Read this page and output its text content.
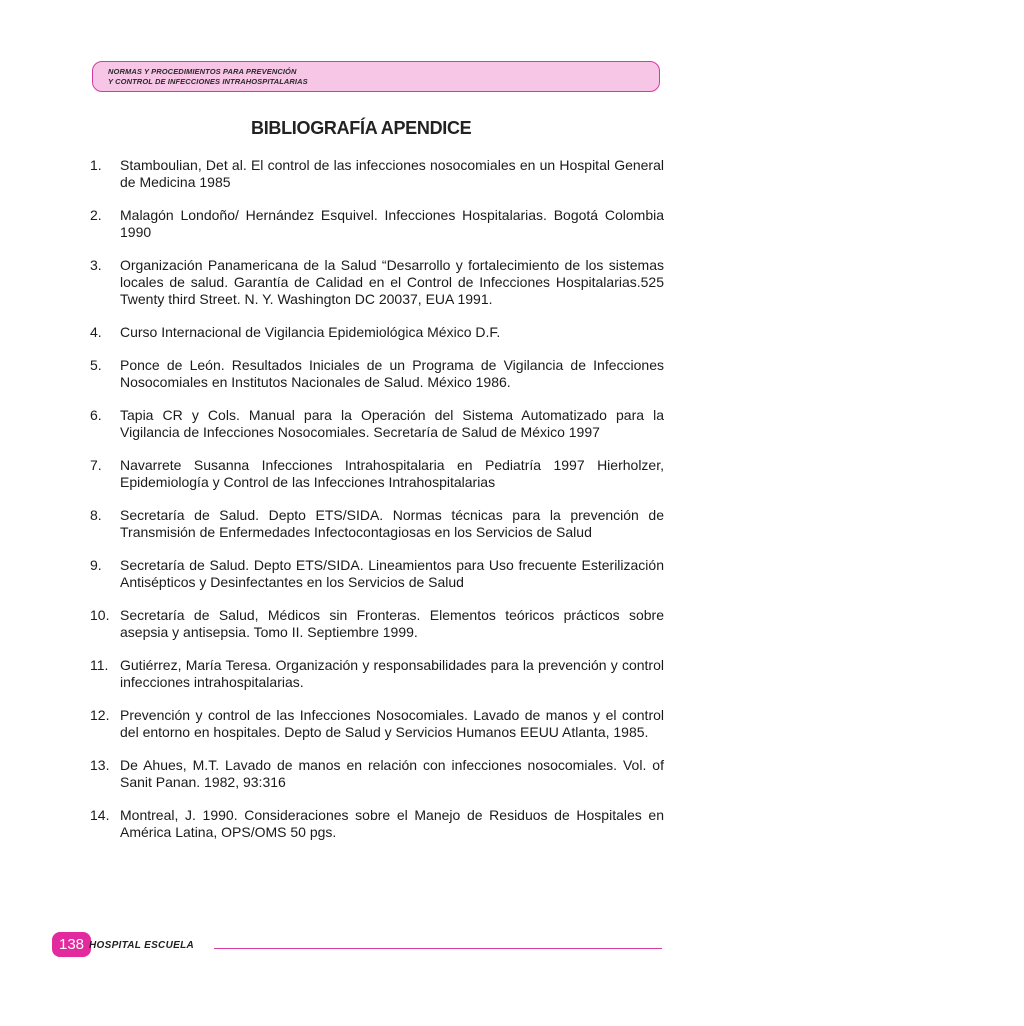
NORMAS Y PROCEDIMIENTOS PARA PREVENCIÓN
Y CONTROL DE INFECCIONES INTRAHOSPITALARIAS
BIBLIOGRAFÍA APENDICE
1. Stamboulian, Det al. El control de las infecciones nosocomiales en un Hospital General de Medicina 1985
2. Malagón Londoño/ Hernández Esquivel. Infecciones Hospitalarias. Bogotá Colombia 1990
3. Organización Panamericana de la Salud “Desarrollo y fortalecimiento de los sistemas locales de salud. Garantía de Calidad en el Control de Infecciones Hospitalarias.525 Twenty third Street. N. Y. Washington DC 20037, EUA 1991.
4. Curso Internacional de Vigilancia Epidemiológica México D.F.
5. Ponce de León. Resultados Iniciales de un Programa de Vigilancia de Infecciones Nosocomiales en Institutos Nacionales de Salud. México 1986.
6. Tapia CR y Cols. Manual para la Operación del Sistema Automatizado para la Vigilancia de Infecciones Nosocomiales. Secretaría de Salud de México 1997
7. Navarrete Susanna Infecciones Intrahospitalaria en Pediatría 1997 Hierholzer, Epidemiología y Control de las Infecciones Intrahospitalarias
8. Secretaría de Salud. Depto ETS/SIDA. Normas técnicas para la prevención de Transmisión de Enfermedades Infectocontagiosas en los Servicios de Salud
9. Secretaría de Salud. Depto ETS/SIDA. Lineamientos para Uso frecuente Esterilización Antisépticos y Desinfectantes en los Servicios de Salud
10. Secretaría de Salud, Médicos sin Fronteras. Elementos teóricos prácticos sobre asepsia y antisepsia. Tomo II. Septiembre 1999.
11. Gutiérrez, María Teresa. Organización y responsabilidades para la prevención y control infecciones intrahospitalarias.
12. Prevención y control de las Infecciones Nosocomiales. Lavado de manos y el control del entorno en hospitales. Depto de Salud y Servicios Humanos EEUU Atlanta, 1985.
13. De Ahues, M.T. Lavado de manos en relación con infecciones nosocomiales. Vol. of Sanit Panan. 1982, 93:316
14. Montreal, J. 1990. Consideraciones sobre el Manejo de Residuos de Hospitales en América Latina, OPS/OMS 50 pgs.
138 HOSPITAL ESCUELA
